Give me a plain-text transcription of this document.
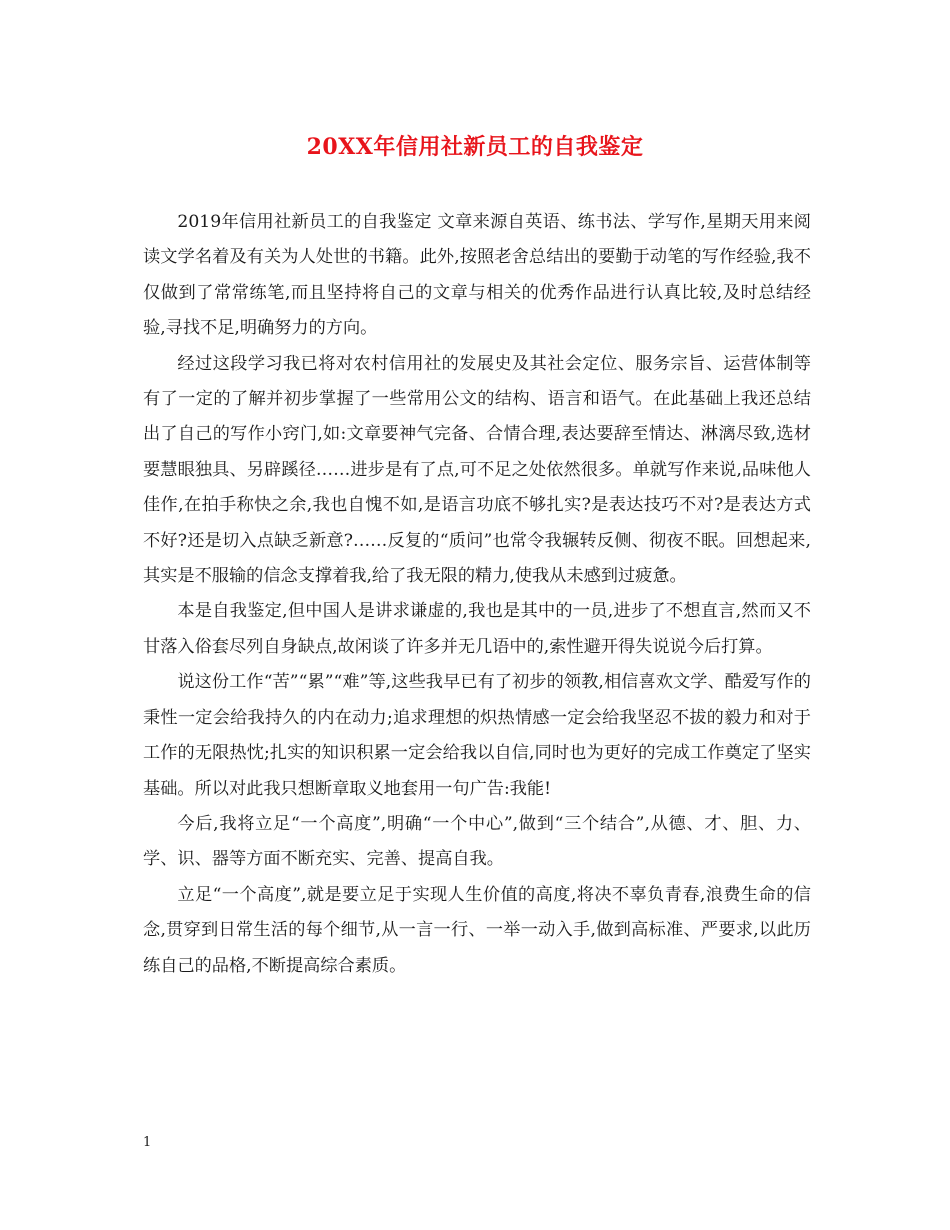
20XX年信用社新员工的自我鉴定

2019年信用社新员工的自我鉴定 文章来源自英语、练书法、学写作,星期天用来阅读文学名着及有关为人处世的书籍。此外,按照老舍总结出的要勤于动笔的写作经验,我不仅做到了常常练笔,而且坚持将自己的文章与相关的优秀作品进行认真比较,及时总结经验,寻找不足,明确努力的方向。

经过这段学习我已将对农村信用社的发展史及其社会定位、服务宗旨、运营体制等有了一定的了解并初步掌握了一些常用公文的结构、语言和语气。在此基础上我还总结出了自己的写作小窍门,如:文章要神气完备、合情合理,表达要辞至情达、淋漓尽致,选材要慧眼独具、另辟蹊径……进步是有了点,可不足之处依然很多。单就写作来说,品味他人佳作,在拍手称快之余,我也自愧不如,是语言功底不够扎实?是表达技巧不对?是表达方式不好?还是切入点缺乏新意?……反复的“质问”也常令我辗转反侧、彻夜不眠。回想起来,其实是不服输的信念支撑着我,给了我无限的精力,使我从未感到过疲惫。

本是自我鉴定,但中国人是讲求谦虚的,我也是其中的一员,进步了不想直言,然而又不甘落入俗套尽列自身缺点,故闲谈了许多并无几语中的,索性避开得失说说今后打算。

说这份工作“苦”“累”“难”等,这些我早已有了初步的领教,相信喜欢文学、酷爱写作的秉性一定会给我持久的内在动力;追求理想的炽热情感一定会给我坚忍不拔的毅力和对于工作的无限热忱;扎实的知识积累一定会给我以自信,同时也为更好的完成工作奠定了坚实基础。所以对此我只想断章取义地套用一句广告:我能!

今后,我将立足“一个高度”,明确“一个中心”,做到“三个结合”,从德、才、胆、力、学、识、器等方面不断充实、完善、提高自我。

立足“一个高度”,就是要立足于实现人生价值的高度,将决不辜负青春,浪费生命的信念,贯穿到日常生活的每个细节,从一言一行、一举一动入手,做到高标准、严要求,以此历练自己的品格,不断提高综合素质。

1
